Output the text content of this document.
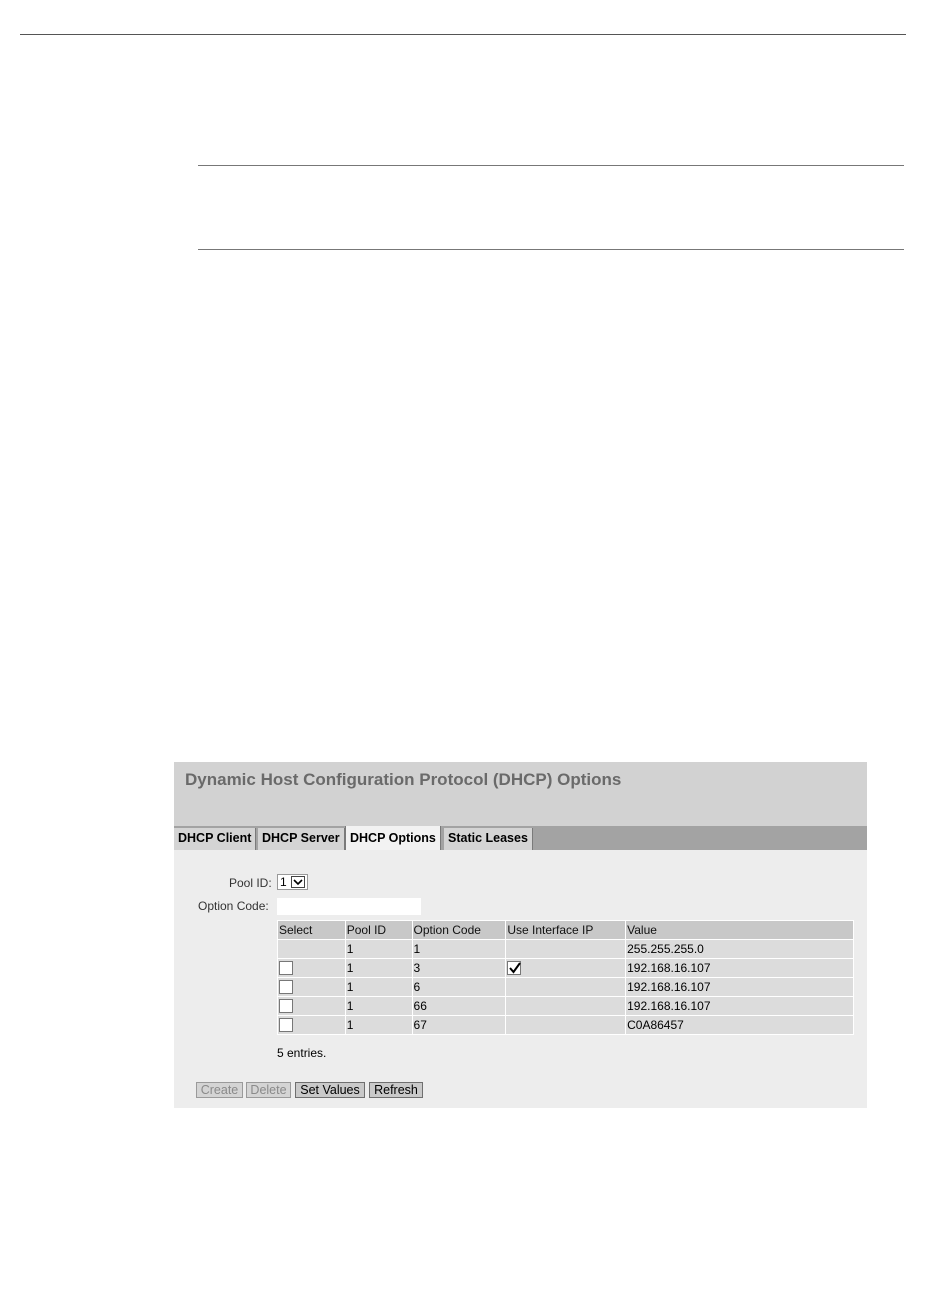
Dynamic Host Configuration Protocol (DHCP) Options
DHCP Client DHCP Server DHCP Options Static Leases
Pool ID: 1
Option Code:
Select	Pool ID	Option Code	Use Interface IP	Value
	1	1		255.255.255.0
	1	3		192.168.16.107
	1	6		192.168.16.107
	1	66		192.168.16.107
	1	67		C0A86457
5 entries.
Create Delete	Set Values	Refresh
